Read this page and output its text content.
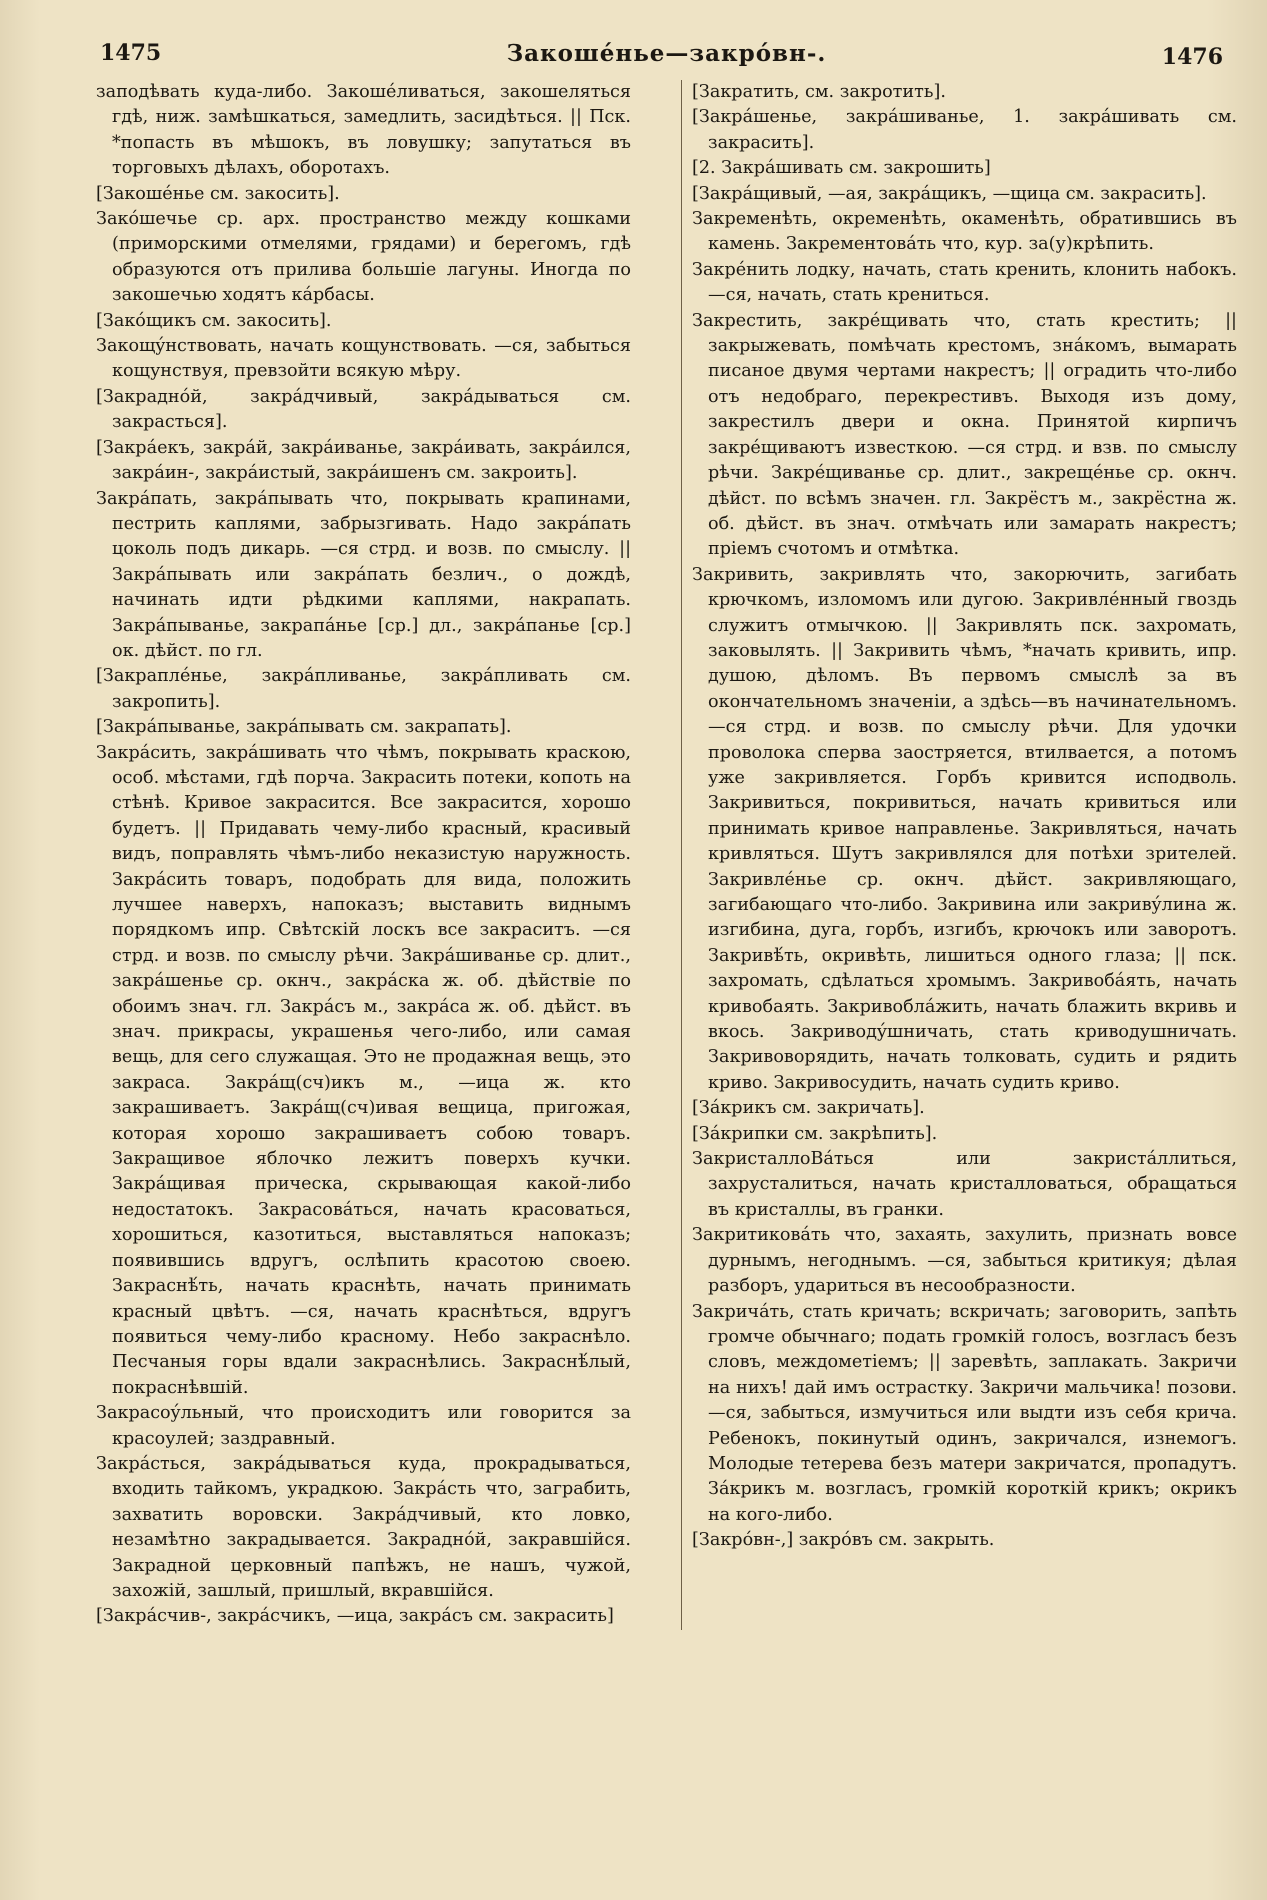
1475	Закошéнье—закрóвн-.	1476

заподѣвать куда-либо. Закошéливаться, закошеляться гдѣ, ниж. замѣшкаться, замедлить, засидѣться. || Пск. *попасть въ мѣшокъ, въ ловушку; запутаться въ торговыхъ дѣлахъ, оборотахъ.

[Закошéнье см. закосить].

Закóшечье ср. арх. пространство между кошками (приморскими отмелями, грядами) и берегомъ, гдѣ образуются отъ прилива большiе лагуны. Иногда по закошечью ходятъ кáрбасы.

[Закóщикъ см. закосить].

Закощýнствовать, начать кощунствовать. —ся, забыться кощунствуя, превзойти всякую мѣру.

[Закраднóй, закрáдчивый, закрáдываться см. закрасться].

[Закрáекъ, закрáй, закрáиванье, закрáивать, закрáился, закрáин-, закрáистый, закрáишенъ см. закроить].

Закрáпать, закрáпывать что, покрывать крапинами, пестрить каплями, забрызгивать. Надо закрáпать цоколь подъ дикарь. —ся стрд. и возв. по смыслу. || Закрáпывать или закрáпать безлич., о дождѣ, начинать идти рѣдкими каплями, накрапать. Закрáпыванье, закрапáнье [ср.] дл., закрáпанье [ср.] ок. дѣйст. по гл.

[Закраплéнье, закрáпливанье, закрáпливать см. закропить].

[Закрáпыванье, закрáпывать см. закрапать].

Закрáсить, закрáшивать что чѣмъ, покрывать краскою, особ. мѣстами, гдѣ порча. Закрасить потеки, копоть на стѣнѣ. Кривое закрасится. Все закрасится, хорошо будетъ. || Придавать чему-либо красный, красивый видъ, поправлять чѣмъ-либо неказистую наружность. Закрáсить товаръ, подобрать для вида, положить лучшее наверхъ, напоказъ; выставить виднымъ порядкомъ ипр. Свѣтскiй лоскъ все закраситъ. —ся стрд. и возв. по смыслу рѣчи. Закрáшиванье ср. длит., закрáшенье ср. окнч., закрáска ж. об. дѣйствiе по обоимъ знач. гл. Закрáсъ м., закрáса ж. об. дѣйст. въ знач. прикрасы, украшенья чего-либо, или самая вещь, для сего служащая. Это не продажная вещь, это закраса. Закрáщ(сч)икъ м., —ица ж. кто закрашиваетъ. Закрáщ(сч)ивая вещица, пригожая, которая хорошо закрашиваетъ собою товаръ. Закращивое яблочко лежитъ поверхъ кучки. Закрáщивая прическа, скрывающая какой-либо недостатокъ. Закрасовáться, начать красоваться, хорошиться, казотиться, выставляться напоказъ; появившись вдругъ, ослѣпить красотою своею. Закраснѣ́ть, начать краснѣть, начать принимать красный цвѣтъ. —ся, начать краснѣться, вдругъ появиться чему-либо красному. Небо закраснѣло. Песчаныя горы вдали закраснѣлись. Закраснѣ́лый, покраснѣвшiй.

Закрасоýльный, что происходитъ или говорится за красоулей; заздравный.

Закрáсться, закрáдываться куда, прокрадываться, входить тайкомъ, украдкою. Закрáсть что, заграбить, захватить воровски. Закрáдчивый, кто ловко, незамѣтно закрадывается. Закраднóй, закравшiйся. Закрадной церковный папѣжъ, не нашъ, чужой, захожiй, зашлый, пришлый, вкравшiйся.

[Закрáсчив-, закрáсчикъ, —ица, закрáсъ см. закрасить]

[Закратить, см. закротить].

[Закрáшенье, закрáшиванье, 1. закрáшивать см. закрасить].

[2. Закрáшивать см. закрошить]

[Закрáщивый, —ая, закрáщикъ, —щица см. закрасить].

Закременѣть, окременѣть, окаменѣть, обратившись въ камень. Закрементовáть что, кур. за(у)крѣпить.

Закрéнить лодку, начать, стать кренить, клонить набокъ. —ся, начать, стать крениться.

Закрестить, закрéщивать что, стать крестить; || закрыжевать, помѣчать крестомъ, знáкомъ, вымарать писаное двумя чертами накрестъ; || оградить что-либо отъ недобраго, перекрестивъ. Выходя изъ дому, закрестилъ двери и окна. Принятой кирпичъ закрéщиваютъ известкою. —ся стрд. и взв. по смыслу рѣчи. Закрéщиванье ср. длит., закрещéнье ср. окнч. дѣйст. по всѣмъ значен. гл. Закрёстъ м., закрёстна ж. об. дѣйст. въ знач. отмѣчать или замарать накрестъ; прiемъ счотомъ и отмѣтка.

Закривить, закривлять что, закорючить, загибать крючкомъ, изломомъ или дугою. Закривлéнный гвоздь служитъ отмычкою. || Закривлять пск. захромать, заковылять. || Закривить чѣмъ, *начать кривить, ипр. душою, дѣломъ. Въ первомъ смыслѣ за въ окончательномъ значенiи, а здѣсь—въ начинательномъ. —ся стрд. и возв. по смыслу рѣчи. Для удочки проволока сперва заостряется, втилвается, а потомъ уже закривляется. Горбъ кривится исподволь. Закривиться, покривиться, начать кривиться или принимать кривое направленье. Закривляться, начать кривляться. Шутъ закривлялся для потѣхи зрителей. Закривлéнье ср. окнч. дѣйст. закривляющаго, загибающаго что-либо. Закривина или закривýлина ж. изгибина, дуга, горбъ, изгибъ, крючокъ или заворотъ. Закривѣ́ть, окривѣть, лишиться одного глаза; || пск. захромать, сдѣлаться хромымъ. Закривобáять, начать кривобаять. Закривоблáжить, начать блажить вкривь и вкось. Закриводýшничать, стать криводушничать. Закривоворядить, начать толковать, судить и рядить криво. Закривосудить, начать судить криво.

[Зáкрикъ см. закричать].

[Зáкрипки см. закрѣпить].

ЗакристаллоBáться или закристáллиться, захрусталиться, начать кристалловаться, обращаться въ кристаллы, въ гранки.

Закритиковáть что, захаять, захулить, признать вовсе дурнымъ, негоднымъ. —ся, забыться критикуя; дѣлая разборъ, удариться въ несообразности.

Закричáть, стать кричать; вскричать; заговорить, запѣть громче обычнаго; подать громкiй голосъ, возгласъ безъ словъ, междометiемъ; || заревѣть, заплакать. Закричи на нихъ! дай имъ острастку. Закричи мальчика! позови. —ся, забыться, измучиться или выдти изъ себя крича. Ребенокъ, покинутый одинъ, закричался, изнемогъ. Молодые тетерева безъ матери закричатся, пропадутъ. Зáкрикъ м. возгласъ, громкiй короткiй крикъ; окрикъ на кого-либо.

[Закрóвн-,] закрóвъ см. закрыть.
